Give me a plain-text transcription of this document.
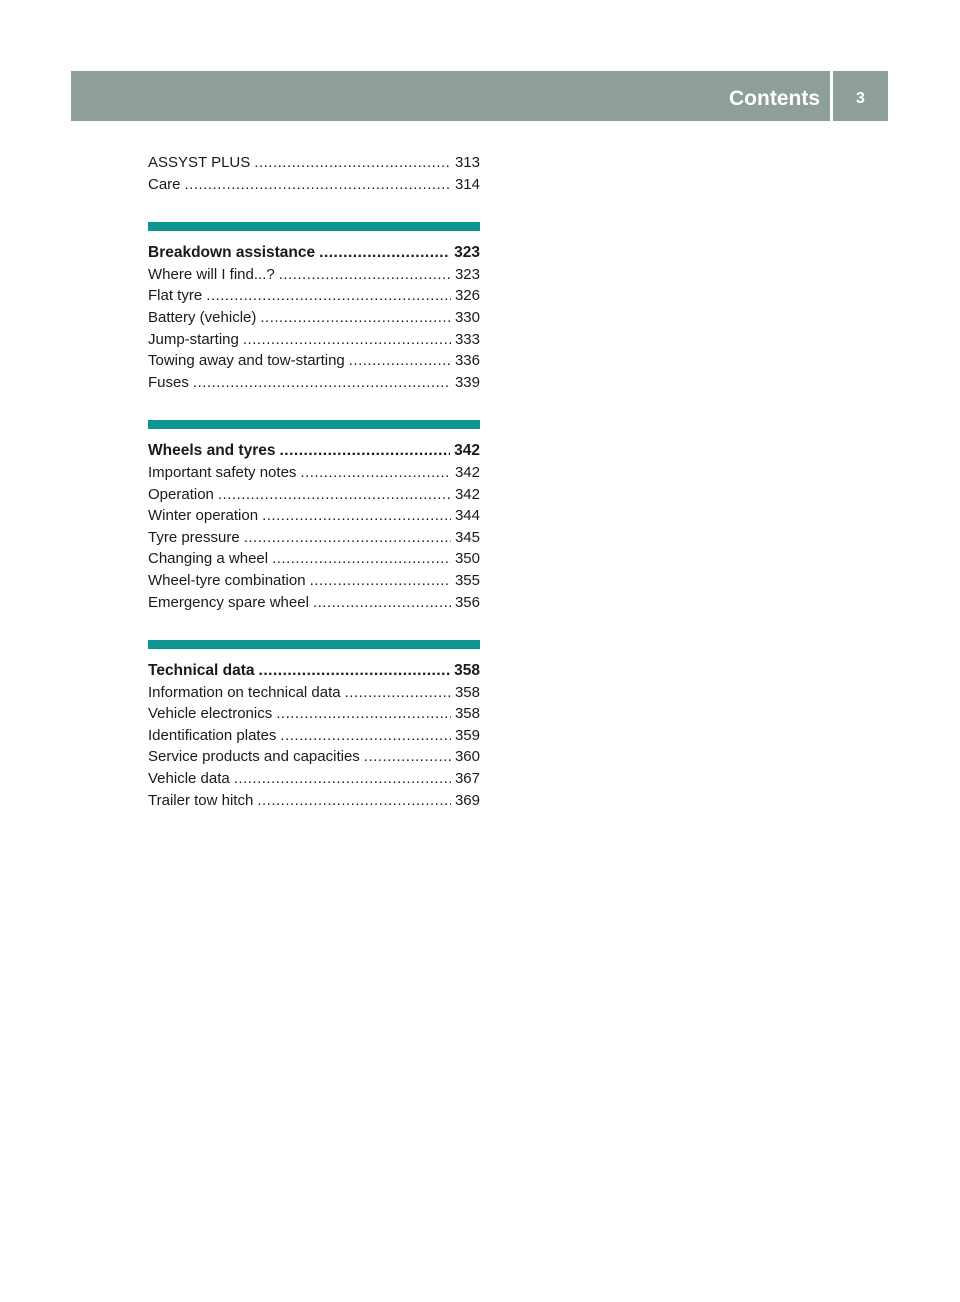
Contents	3
ASSYST PLUS .....	313
Care .....	314
Breakdown assistance .....	323
Where will I find...? .....	323
Flat tyre .....	326
Battery (vehicle) .....	330
Jump-starting .....	333
Towing away and tow-starting .....	336
Fuses .....	339
Wheels and tyres .....	342
Important safety notes .....	342
Operation .....	342
Winter operation .....	344
Tyre pressure .....	345
Changing a wheel .....	350
Wheel-tyre combination .....	355
Emergency spare wheel .....	356
Technical data .....	358
Information on technical data .....	358
Vehicle electronics .....	358
Identification plates .....	359
Service products and capacities .....	360
Vehicle data .....	367
Trailer tow hitch .....	369
